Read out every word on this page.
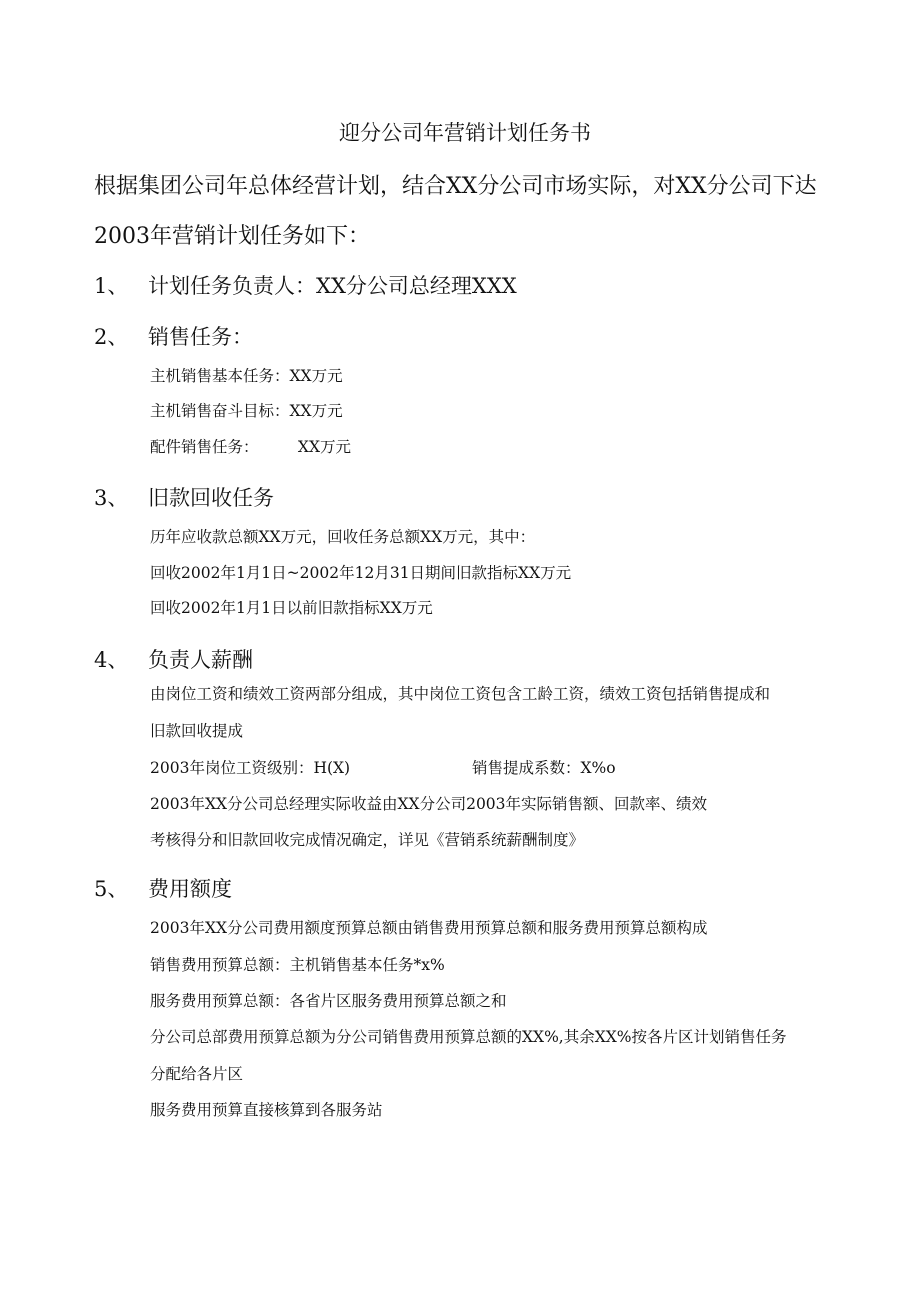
迎分公司年营销计划任务书
根据集团公司年总体经营计划，结合XX分公司市场实际，对XX分公司下达
2003年营销计划任务如下：
1、 计划任务负责人：XX分公司总经理XXX
2、 销售任务：
主机销售基本任务：XX万元
主机销售奋斗目标：XX万元
配件销售任务：        XX万元
3、 旧款回收任务
历年应收款总额XX万元，回收任务总额XX万元，其中：
回收2002年1月1日~2002年12月31日期间旧款指标XX万元
回收2002年1月1日以前旧款指标XX万元
4、 负责人薪酬
由岗位工资和绩效工资两部分组成，其中岗位工资包含工龄工资，绩效工资包括销售提成和
旧款回收提成
2003年岗位工资级别：H(X)	销售提成系数：X%o
2003年XX分公司总经理实际收益由XX分公司2003年实际销售额、回款率、绩效
考核得分和旧款回收完成情况确定，详见《营销系统薪酬制度》
5、 费用额度
2003年XX分公司费用额度预算总额由销售费用预算总额和服务费用预算总额构成
销售费用预算总额：主机销售基本任务*x%
服务费用预算总额：各省片区服务费用预算总额之和
分公司总部费用预算总额为分公司销售费用预算总额的XX%,其余XX%按各片区计划销售任务
分配给各片区
服务费用预算直接核算到各服务站
